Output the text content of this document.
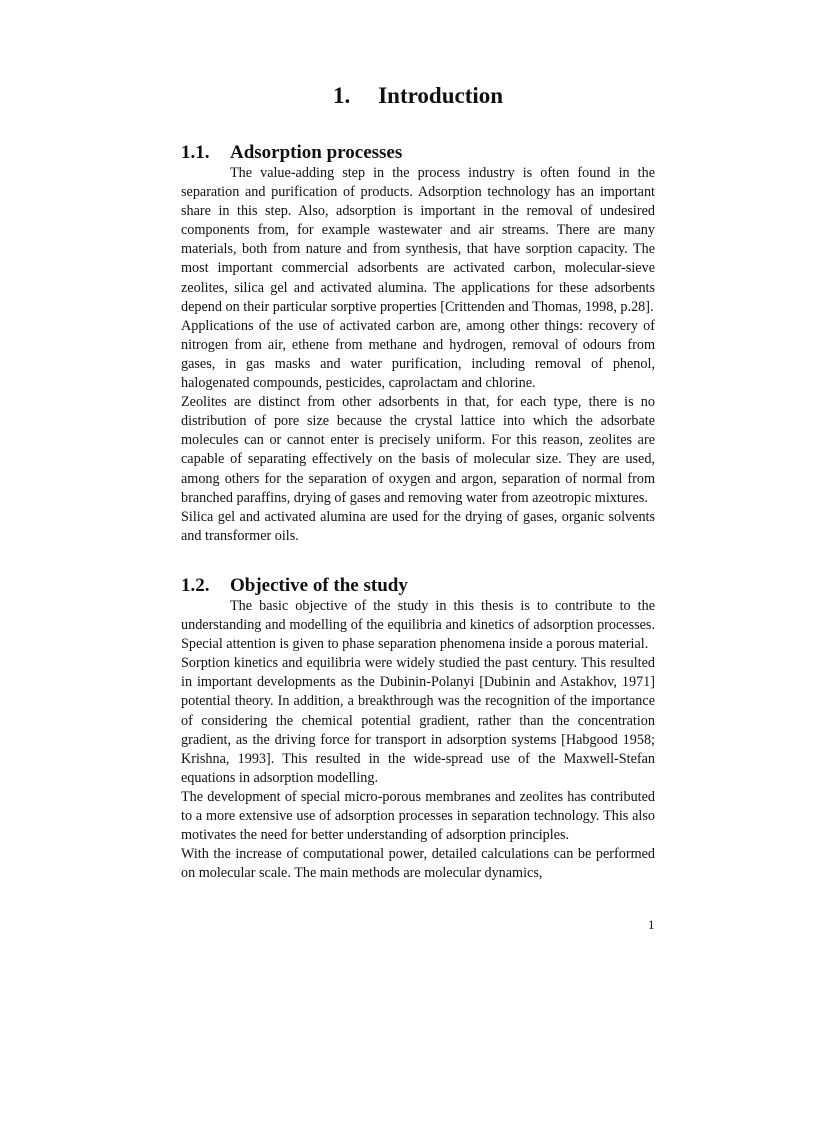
1. Introduction
1.1. Adsorption processes

The value-adding step in the process industry is often found in the separation and purification of products. Adsorption technology has an important share in this step. Also, adsorption is important in the removal of undesired components from, for example wastewater and air streams. There are many materials, both from nature and from synthesis, that have sorption capacity. The most important commercial adsorbents are activated carbon, molecular-sieve zeolites, silica gel and activated alumina. The applications for these adsorbents depend on their particular sorptive properties [Crittenden and Thomas, 1998, p.28].

Applications of the use of activated carbon are, among other things: recovery of nitrogen from air, ethene from methane and hydrogen, removal of odours from gases, in gas masks and water purification, including removal of phenol, halogenated compounds, pesticides, caprolactam and chlorine.

Zeolites are distinct from other adsorbents in that, for each type, there is no distribution of pore size because the crystal lattice into which the adsorbate molecules can or cannot enter is precisely uniform. For this reason, zeolites are capable of separating effectively on the basis of molecular size. They are used, among others for the separation of oxygen and argon, separation of normal from branched paraffins, drying of gases and removing water from azeotropic mixtures.

Silica gel and activated alumina are used for the drying of gases, organic solvents and transformer oils.

1.2. Objective of the study

The basic objective of the study in this thesis is to contribute to the understanding and modelling of the equilibria and kinetics of adsorption processes. Special attention is given to phase separation phenomena inside a porous material.

Sorption kinetics and equilibria were widely studied the past century. This resulted in important developments as the Dubinin-Polanyi [Dubinin and Astakhov, 1971] potential theory. In addition, a breakthrough was the recognition of the importance of considering the chemical potential gradient, rather than the concentration gradient, as the driving force for transport in adsorption systems [Habgood 1958; Krishna, 1993]. This resulted in the wide-spread use of the Maxwell-Stefan equations in adsorption modelling.

The development of special micro-porous membranes and zeolites has contributed to a more extensive use of adsorption processes in separation technology. This also motivates the need for better understanding of adsorption principles.

With the increase of computational power, detailed calculations can be performed on molecular scale. The main methods are molecular dynamics,

1
